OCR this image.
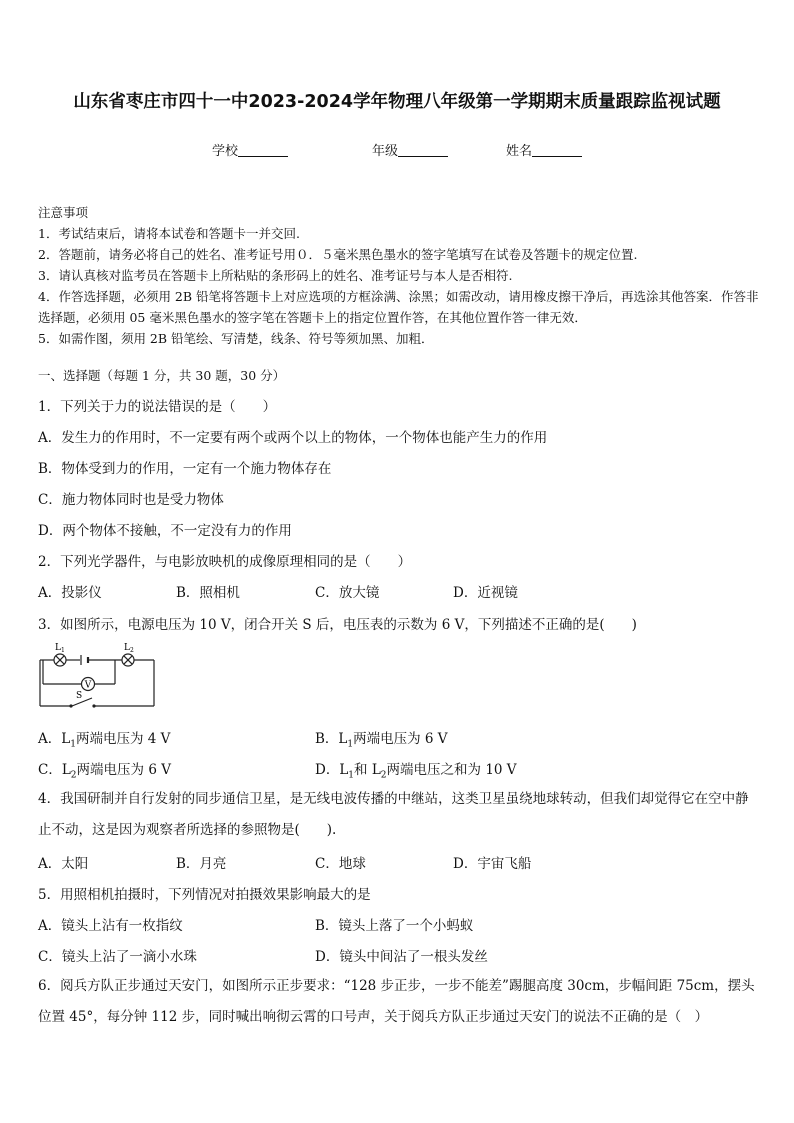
山东省枣庄市四十一中2023-2024学年物理八年级第一学期期末质量跟踪监视试题
学校	年级	姓名
注意事项

1．考试结束后，请将本试卷和答题卡一并交回.

2．答题前，请务必将自己的姓名、准考证号用０．５毫米黑色墨水的签字笔填写在试卷及答题卡的规定位置.

3．请认真核对监考员在答题卡上所粘贴的条形码上的姓名、准考证号与本人是否相符.

4．作答选择题，必须用 2B 铅笔将答题卡上对应选项的方框涂满、涂黑；如需改动，请用橡皮擦干净后，再选涂其他答案．作答非选择题，必须用 05 毫米黑色墨水的签字笔在答题卡上的指定位置作答，在其他位置作答一律无效．

5．如需作图，须用 2B 铅笔绘、写清楚，线条、符号等须加黑、加粗．

一、选择题（每题 1 分，共 30 题，30 分）
1．下列关于力的说法错误的是（　　）
A．发生力的作用时，不一定要有两个或两个以上的物体，一个物体也能产生力的作用
B．物体受到力的作用，一定有一个施力物体存在
C．施力物体同时也是受力物体
D．两个物体不接触，不一定没有力的作用
2．下列光学器件，与电影放映机的成像原理相同的是（　　）
A．投影仪	B．照相机	C．放大镜	D．近视镜
3．如图所示，电源电压为 10 V，闭合开关 S 后，电压表的示数为 6 V，下列描述不正确的是(　　)
V
$L_1$	$L_2$
S
A．$L_1$两端电压为 4 V	B．$L_1$两端电压为 6 V
C．$L_2$两端电压为 6 V	D．$L_1$和 $L_2$两端电压之和为 10 V
4．我国研制并自行发射的同步通信卫星，是无线电波传播的中继站，这类卫星虽绕地球转动，但我们却觉得它在空中静止不动，这是因为观察者所选择的参照物是(　　).
A．太阳	B．月亮	C．地球	D．宇宙飞船
5．用照相机拍摄时，下列情况对拍摄效果影响最大的是
A．镜头上沾有一枚指纹	B．镜头上落了一个小蚂蚁
C．镜头上沾了一滴小水珠	D．镜头中间沾了一根头发丝
6．阅兵方队正步通过天安门，如图所示正步要求：“128 步正步，一步不能差”踢腿高度 30cm，步幅间距 75cm，摆头位置 45°，每分钟 112 步，同时喊出响彻云霄的口号声，关于阅兵方队正步通过天安门的说法不正确的是（　）
